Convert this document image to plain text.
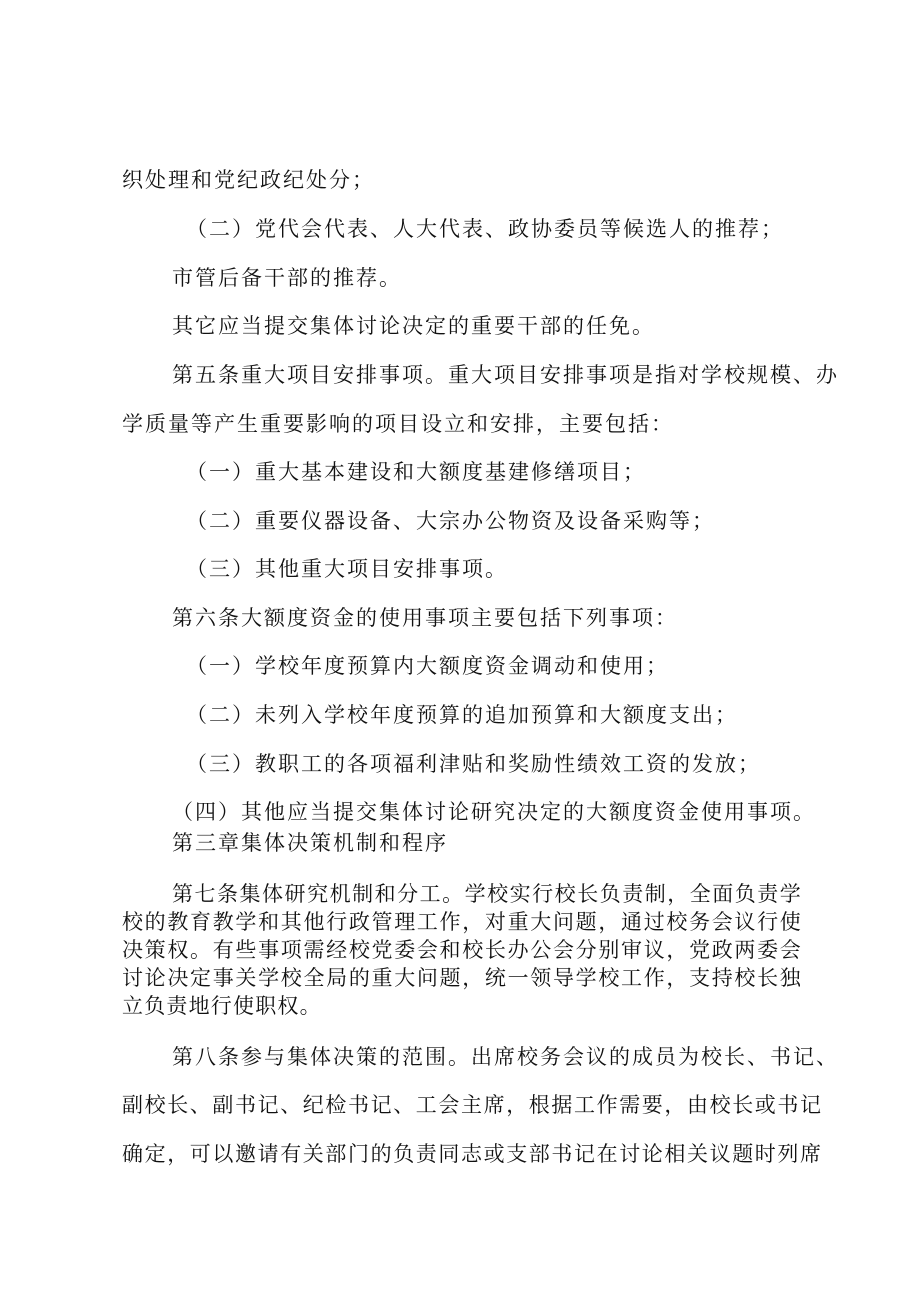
织处理和党纪政纪处分；
（二）党代会代表、人大代表、政协委员等候选人的推荐；
市管后备干部的推荐。
其它应当提交集体讨论决定的重要干部的任免。
第五条重大项目安排事项。重大项目安排事项是指对学校规模、办
学质量等产生重要影响的项目设立和安排，主要包括：
（一）重大基本建设和大额度基建修缮项目；
（二）重要仪器设备、大宗办公物资及设备采购等；
（三）其他重大项目安排事项。
第六条大额度资金的使用事项主要包括下列事项：
（一）学校年度预算内大额度资金调动和使用；
（二）未列入学校年度预算的追加预算和大额度支出；
（三）教职工的各项福利津贴和奖励性绩效工资的发放；
（四）其他应当提交集体讨论研究决定的大额度资金使用事项。
第三章集体决策机制和程序

第七条集体研究机制和分工。学校实行校长负责制，全面负责学校的教育教学和其他行政管理工作，对重大问题，通过校务会议行使决策权。有些事项需经校党委会和校长办公会分别审议，党政两委会讨论决定事关学校全局的重大问题，统一领导学校工作，支持校长独立负责地行使职权。

第八条参与集体决策的范围。出席校务会议的成员为校长、书记、
副校长、副书记、纪检书记、工会主席，根据工作需要，由校长或书记
确定，可以邀请有关部门的负责同志或支部书记在讨论相关议题时列席
